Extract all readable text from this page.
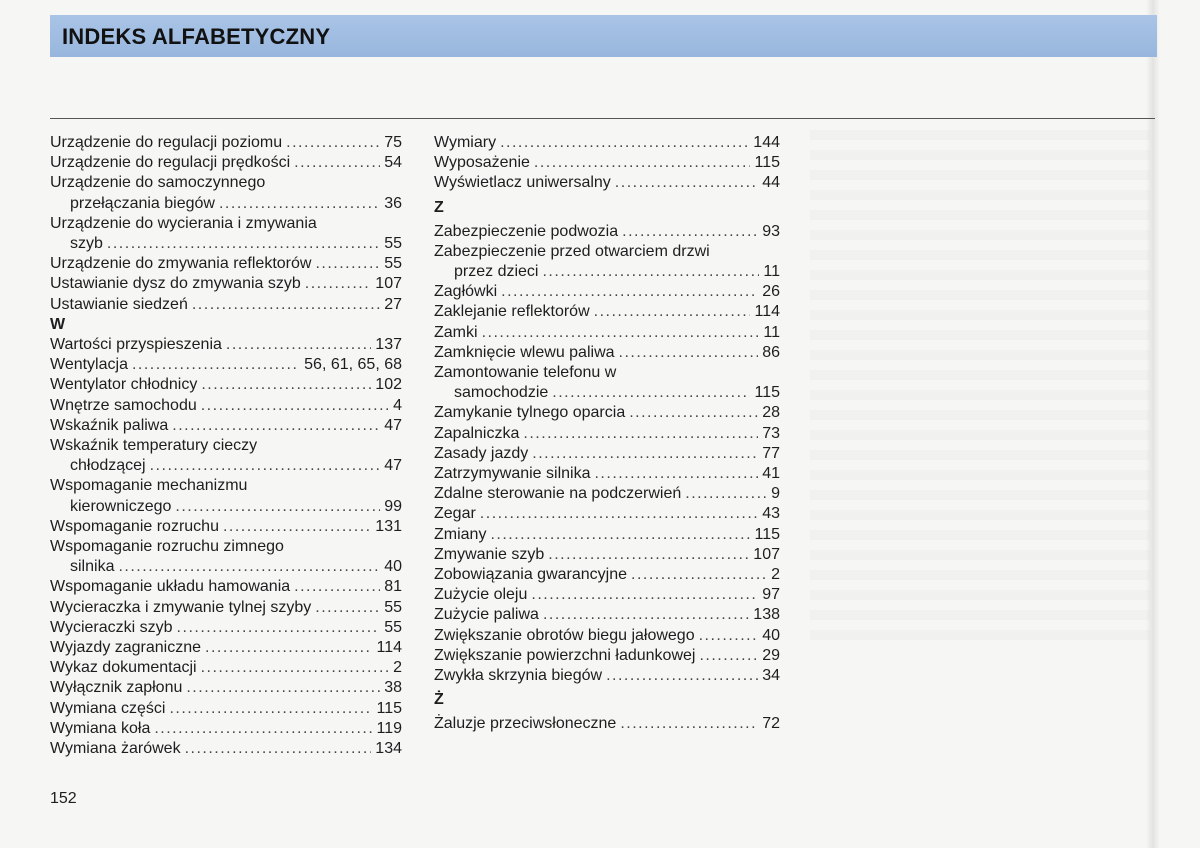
INDEKS ALFABETYCZNY
Urządzenie do regulacji poziomu .....	75
Urządzenie do regulacji prędkości .....	54
Urządzenie do samoczynnego
przełączania biegów .....	36
Urządzenie do wycierania i zmywania
szyb .....	55
Urządzenie do zmywania reflektorów .....	55
Ustawianie dysz do zmywania szyb .....	107
Ustawianie siedzeń .....	27
W
Wartości przyspieszenia .....	137
Wentylacja .....	56, 61, 65, 68
Wentylator chłodnicy .....	102
Wnętrze samochodu .....	4
Wskaźnik paliwa .....	47
Wskaźnik temperatury cieczy
chłodzącej .....	47
Wspomaganie mechanizmu
kierowniczego .....	99
Wspomaganie rozruchu .....	131
Wspomaganie rozruchu zimnego
silnika .....	40
Wspomaganie układu hamowania .....	81
Wycieraczka i zmywanie tylnej szyby .....	55
Wycieraczki szyb .....	55
Wyjazdy zagraniczne .....	114
Wykaz dokumentacji .....	2
Wyłącznik zapłonu .....	38
Wymiana części .....	115
Wymiana koła .....	119
Wymiana żarówek .....	134
Wymiary .....	144
Wyposażenie .....	115
Wyświetlacz uniwersalny .....	44
Z
Zabezpieczenie podwozia .....	93
Zabezpieczenie przed otwarciem drzwi
przez dzieci .....	11
Zagłówki .....	26
Zaklejanie reflektorów .....	114
Zamki .....	11
Zamknięcie wlewu paliwa .....	86
Zamontowanie telefonu w
samochodzie .....	115
Zamykanie tylnego oparcia .....	28
Zapalniczka .....	73
Zasady jazdy .....	77
Zatrzymywanie silnika .....	41
Zdalne sterowanie na podczerwień .....	9
Zegar .....	43
Zmiany .....	115
Zmywanie szyb .....	107
Zobowiązania gwarancyjne .....	2
Zużycie oleju .....	97
Zużycie paliwa .....	138
Zwiększanie obrotów biegu jałowego .....	40
Zwiększanie powierzchni ładunkowej .....	29
Zwykła skrzynia biegów .....	34
Ż
Żaluzje przeciwsłoneczne .....	72
152
